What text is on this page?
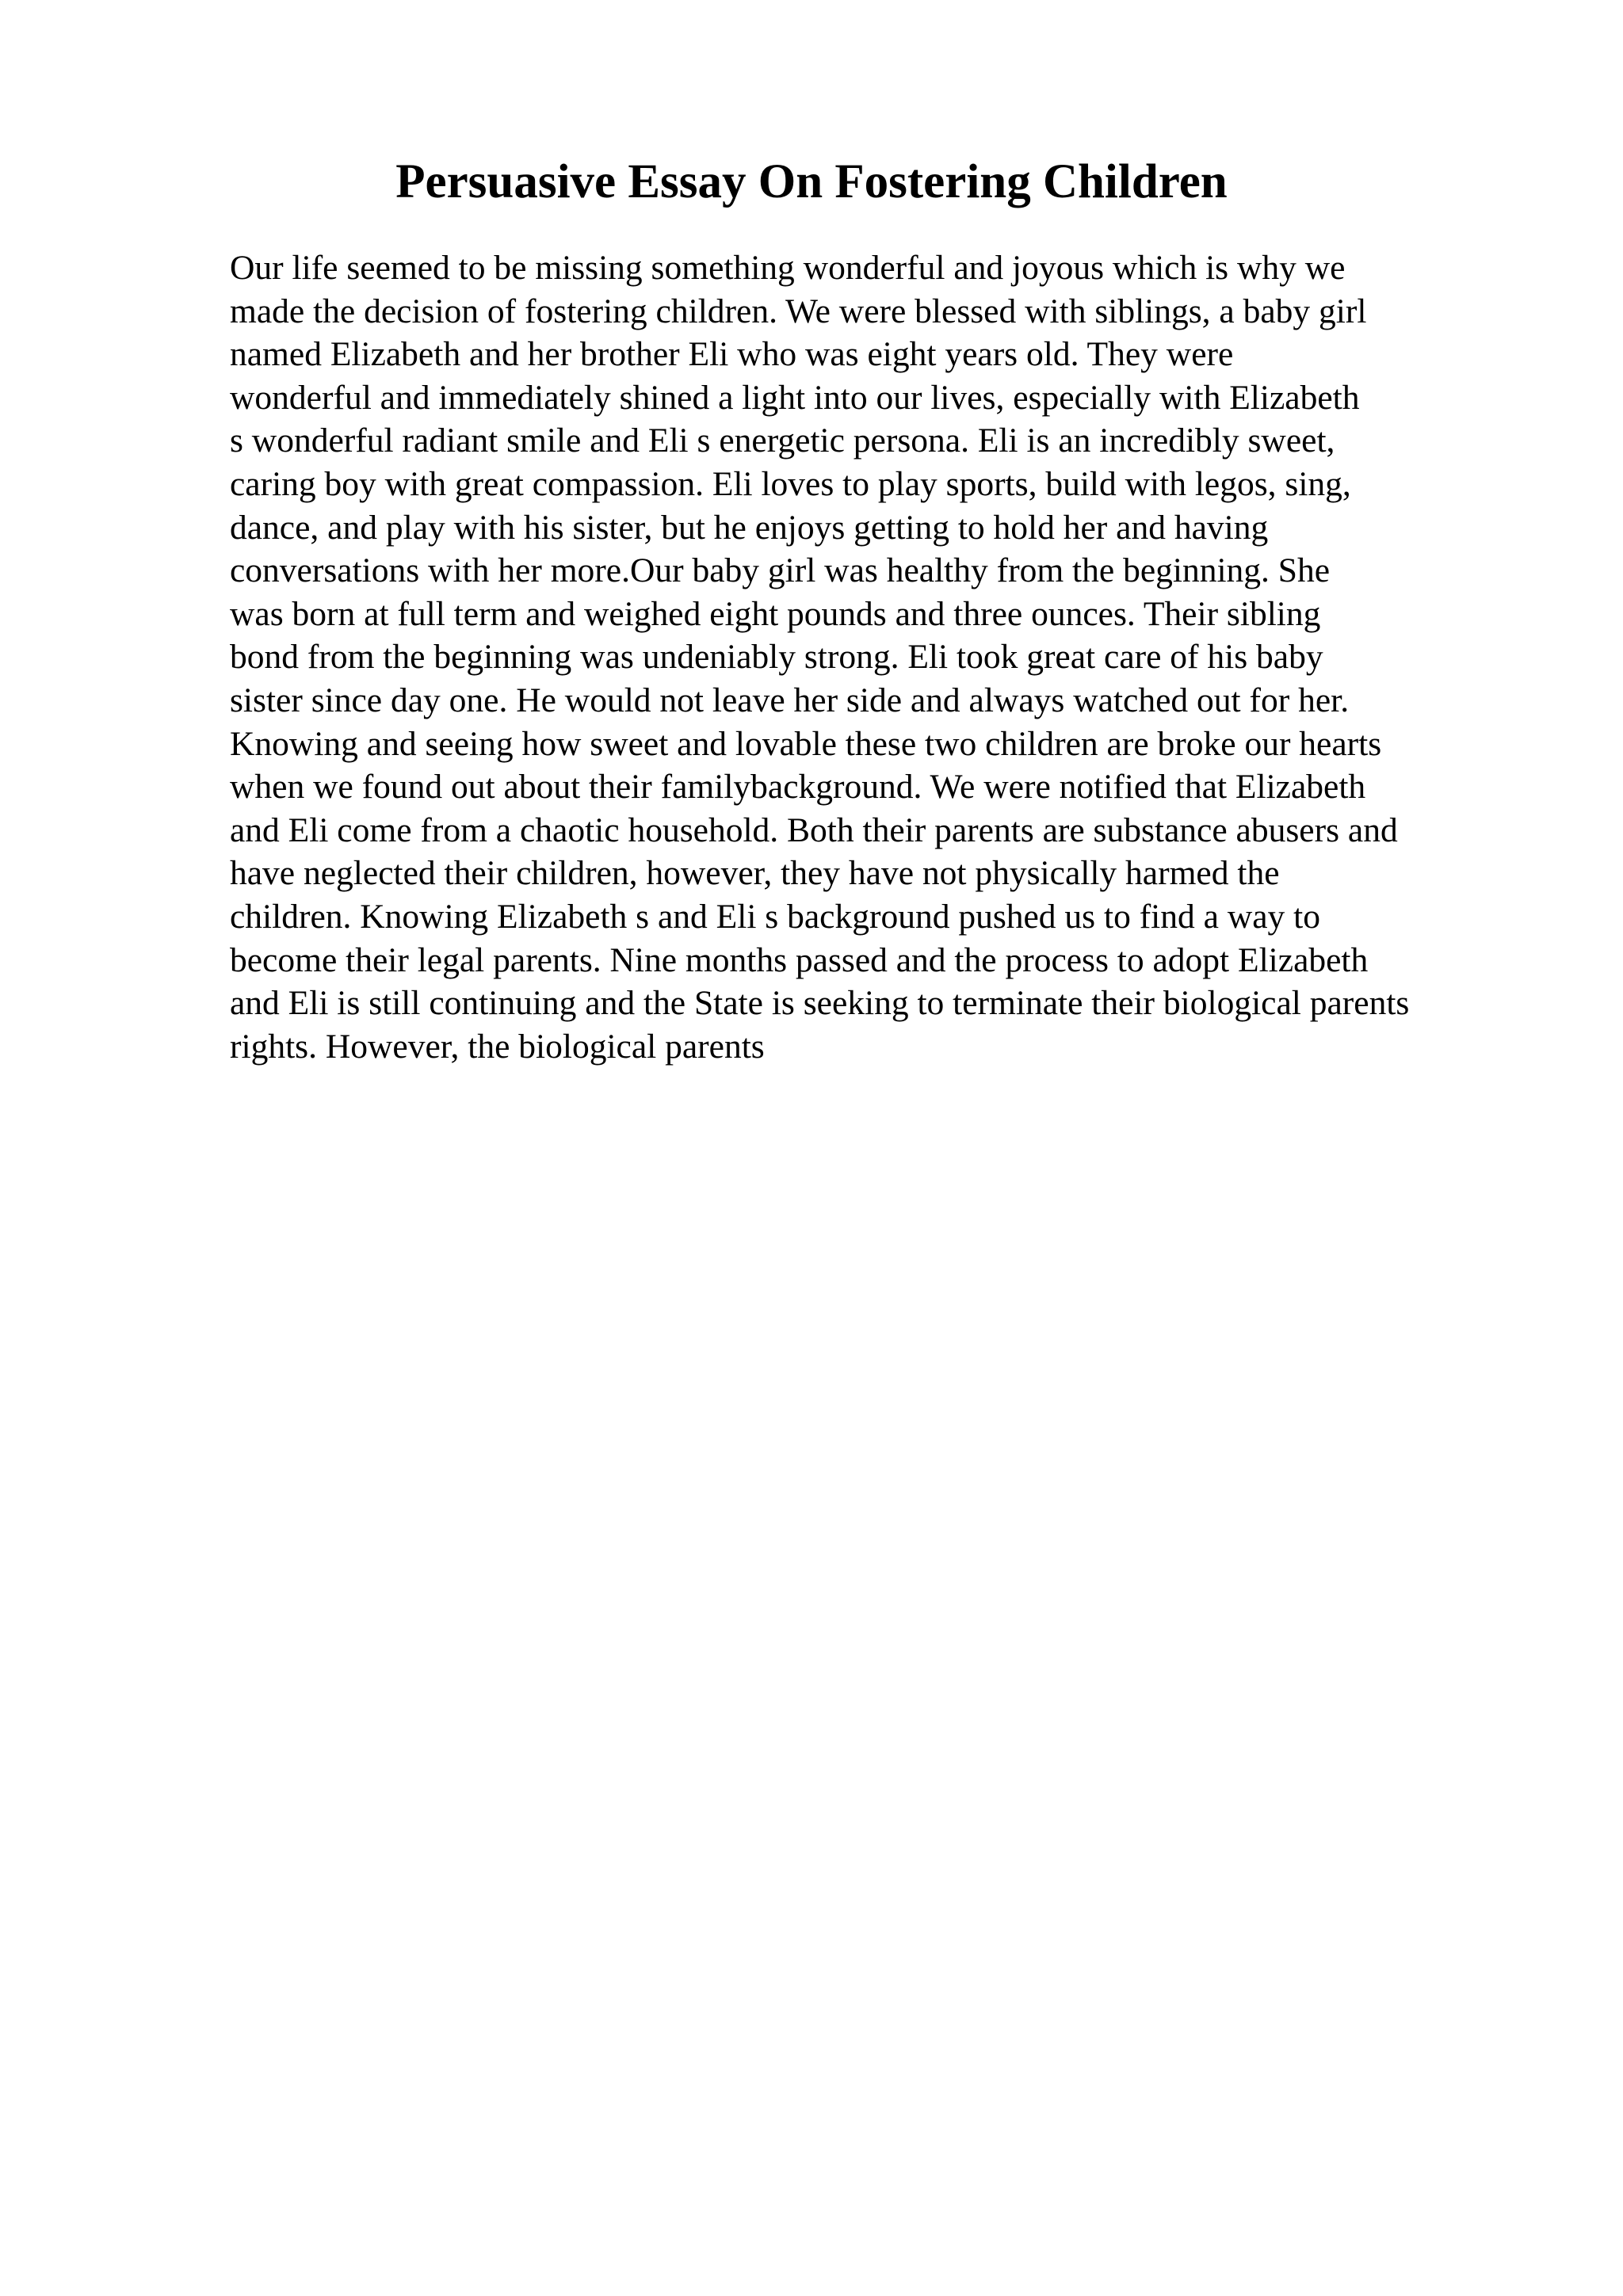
Persuasive Essay On Fostering Children
Our life seemed to be missing something wonderful and joyous which is why we
made the decision of fostering children. We were blessed with siblings, a baby girl
named Elizabeth and her brother Eli who was eight years old. They were
wonderful and immediately shined a light into our lives, especially with Elizabeth
s wonderful radiant smile and Eli s energetic persona. Eli is an incredibly sweet,
caring boy with great compassion. Eli loves to play sports, build with legos, sing,
dance, and play with his sister, but he enjoys getting to hold her and having
conversations with her more.Our baby girl was healthy from the beginning. She
was born at full term and weighed eight pounds and three ounces. Their sibling
bond from the beginning was undeniably strong. Eli took great care of his baby
sister since day one. He would not leave her side and always watched out for her.
Knowing and seeing how sweet and lovable these two children are broke our hearts
when we found out about their familybackground. We were notified that Elizabeth
and Eli come from a chaotic household. Both their parents are substance abusers and
have neglected their children, however, they have not physically harmed the
children. Knowing Elizabeth s and Eli s background pushed us to find a way to
become their legal parents. Nine months passed and the process to adopt Elizabeth
and Eli is still continuing and the State is seeking to terminate their biological parents
rights. However, the biological parents
